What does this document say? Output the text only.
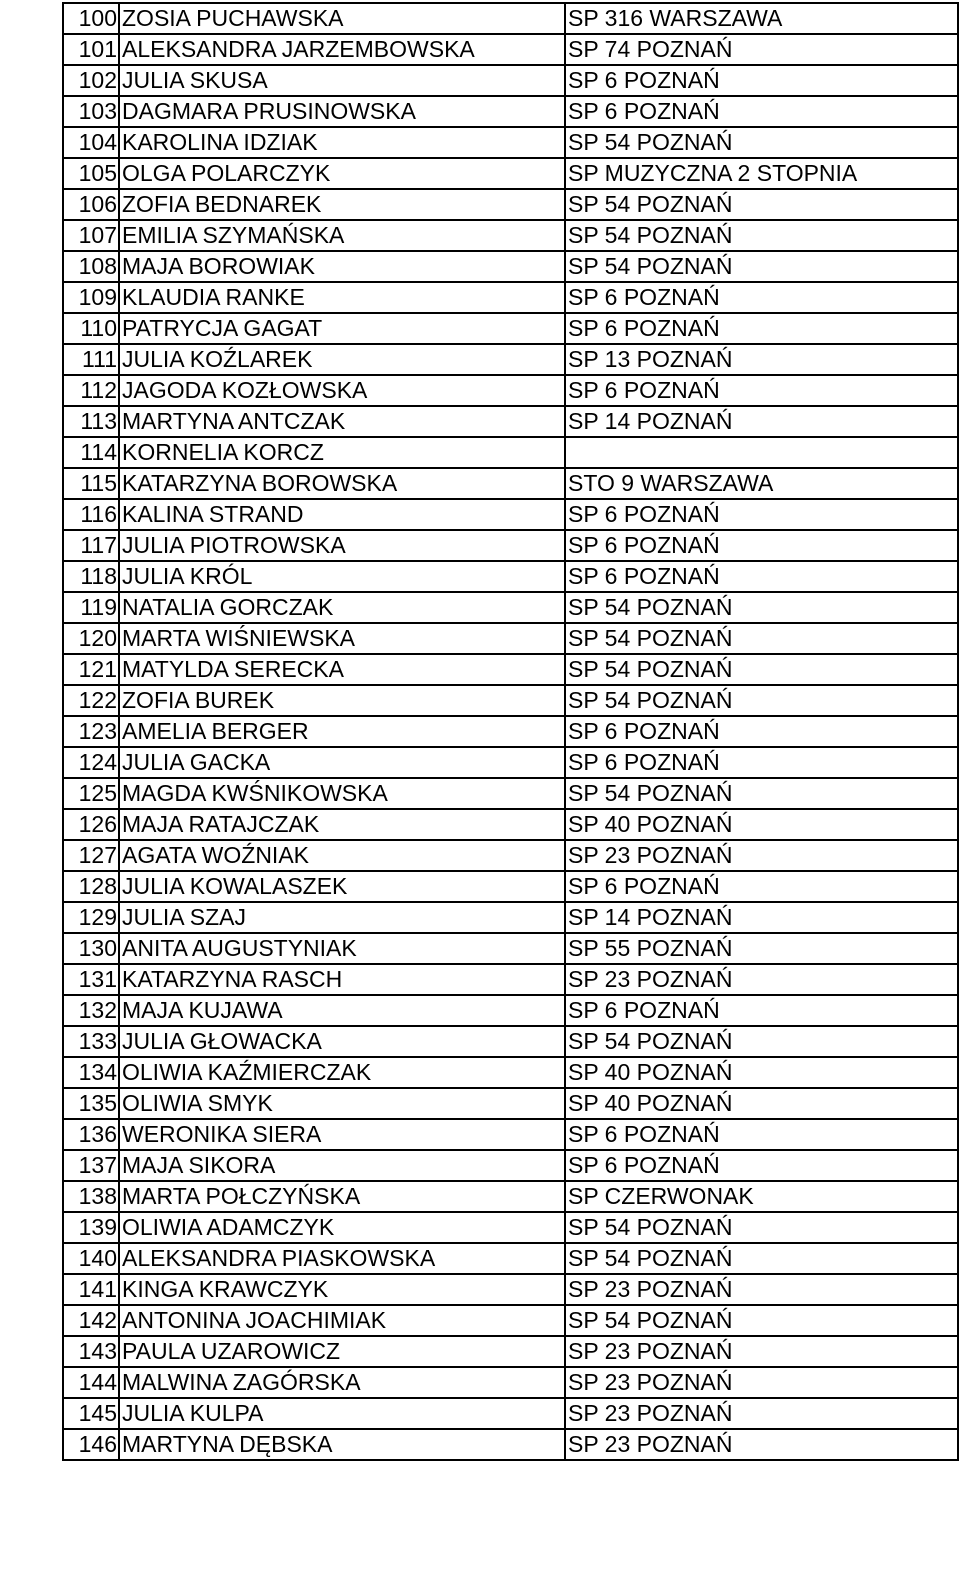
100	ZOSIA PUCHAWSKA	SP 316 WARSZAWA
101	ALEKSANDRA JARZEMBOWSKA	SP 74 POZNAŃ
102	JULIA SKUSA	SP 6 POZNAŃ
103	DAGMARA PRUSINOWSKA	SP 6 POZNAŃ
104	KAROLINA IDZIAK	SP 54 POZNAŃ
105	OLGA POLARCZYK	SP MUZYCZNA 2 STOPNIA
106	ZOFIA BEDNAREK	SP 54 POZNAŃ
107	EMILIA SZYMAŃSKA	SP 54 POZNAŃ
108	MAJA BOROWIAK	SP 54 POZNAŃ
109	KLAUDIA RANKE	SP 6 POZNAŃ
110	PATRYCJA GAGAT	SP 6 POZNAŃ
111	JULIA KOŹLAREK	SP 13 POZNAŃ
112	JAGODA KOZŁOWSKA	SP 6 POZNAŃ
113	MARTYNA ANTCZAK	SP 14 POZNAŃ
114	KORNELIA KORCZ	
115	KATARZYNA BOROWSKA	STO 9 WARSZAWA
116	KALINA STRAND	SP 6 POZNAŃ
117	JULIA PIOTROWSKA	SP 6 POZNAŃ
118	JULIA KRÓL	SP 6 POZNAŃ
119	NATALIA GORCZAK	SP 54 POZNAŃ
120	MARTA WIŚNIEWSKA	SP 54 POZNAŃ
121	MATYLDA SERECKA	SP 54 POZNAŃ
122	ZOFIA BUREK	SP 54 POZNAŃ
123	AMELIA BERGER	SP 6 POZNAŃ
124	JULIA GACKA	SP 6 POZNAŃ
125	MAGDA KWŚNIKOWSKA	SP 54 POZNAŃ
126	MAJA RATAJCZAK	SP 40 POZNAŃ
127	AGATA WOŹNIAK	SP 23 POZNAŃ
128	JULIA KOWALASZEK	SP 6 POZNAŃ
129	JULIA SZAJ	SP 14 POZNAŃ
130	ANITA AUGUSTYNIAK	SP 55 POZNAŃ
131	KATARZYNA RASCH	SP 23 POZNAŃ
132	MAJA KUJAWA	SP 6 POZNAŃ
133	JULIA GŁOWACKA	SP 54 POZNAŃ
134	OLIWIA KAŹMIERCZAK	SP 40 POZNAŃ
135	OLIWIA SMYK	SP 40 POZNAŃ
136	WERONIKA SIERA	SP 6 POZNAŃ
137	MAJA SIKORA	SP 6 POZNAŃ
138	MARTA POŁCZYŃSKA	SP CZERWONAK
139	OLIWIA ADAMCZYK	SP 54 POZNAŃ
140	ALEKSANDRA PIASKOWSKA	SP 54 POZNAŃ
141	KINGA KRAWCZYK	SP 23 POZNAŃ
142	ANTONINA JOACHIMIAK	SP 54 POZNAŃ
143	PAULA UZAROWICZ	SP 23 POZNAŃ
144	MALWINA ZAGÓRSKA	SP 23 POZNAŃ
145	JULIA KULPA	SP 23 POZNAŃ
146	MARTYNA DĘBSKA	SP 23 POZNAŃ
